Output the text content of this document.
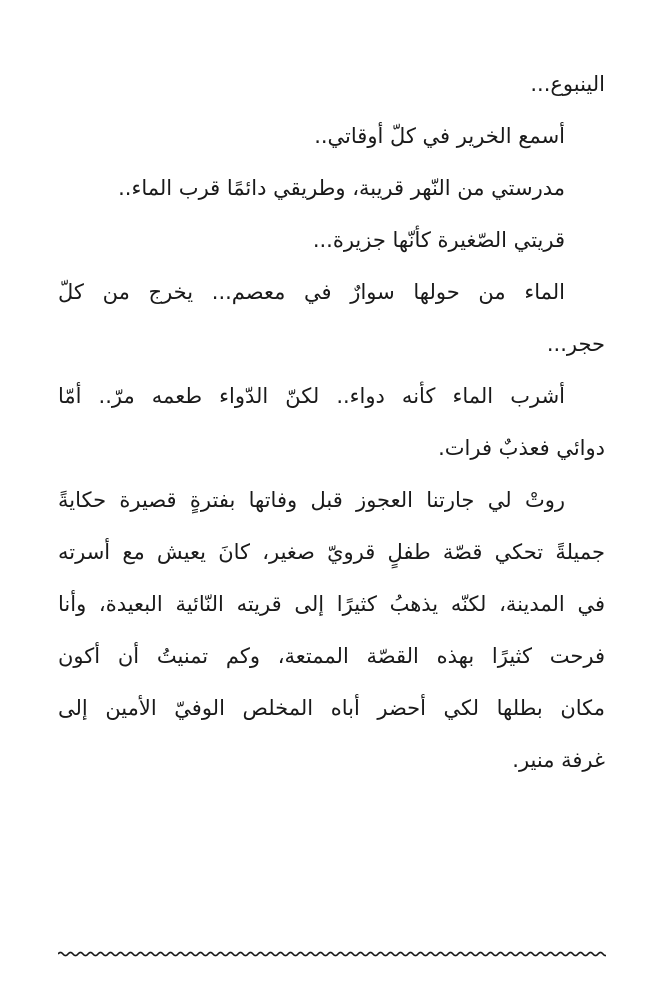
الينبوع...

أسمع الخرير في كلّ أوقاتي..

مدرستي من النّهر قريبة، وطريقي دائمًا قرب الماء..

قريتي الصّغيرة كأنّها جزيرة...

الماء من حولها سوارٌ في معصم... يخرج من كلّ

حجر...

أشرب الماء كأنه دواء.. لكنّ الدّواء طعمه مرّ.. أمّا

دوائي فعذبٌ فرات.

روتْ لي جارتنا العجوز قبل وفاتها بفترةٍ قصيرة حكايةً

جميلةً تحكي قصّة طفلٍ قرويّ صغير، كانَ يعيش مع أسرته

في المدينة، لكنّه يذهبُ كثيرًا إلى قريته النّائية البعيدة، وأنا

فرحت كثيرًا بهذه القصّة الممتعة، وكم تمنيتُ أن أكون

مكان بطلها لكي أحضر أباه المخلص الوفيّ الأمين إلى

غرفة منير.
